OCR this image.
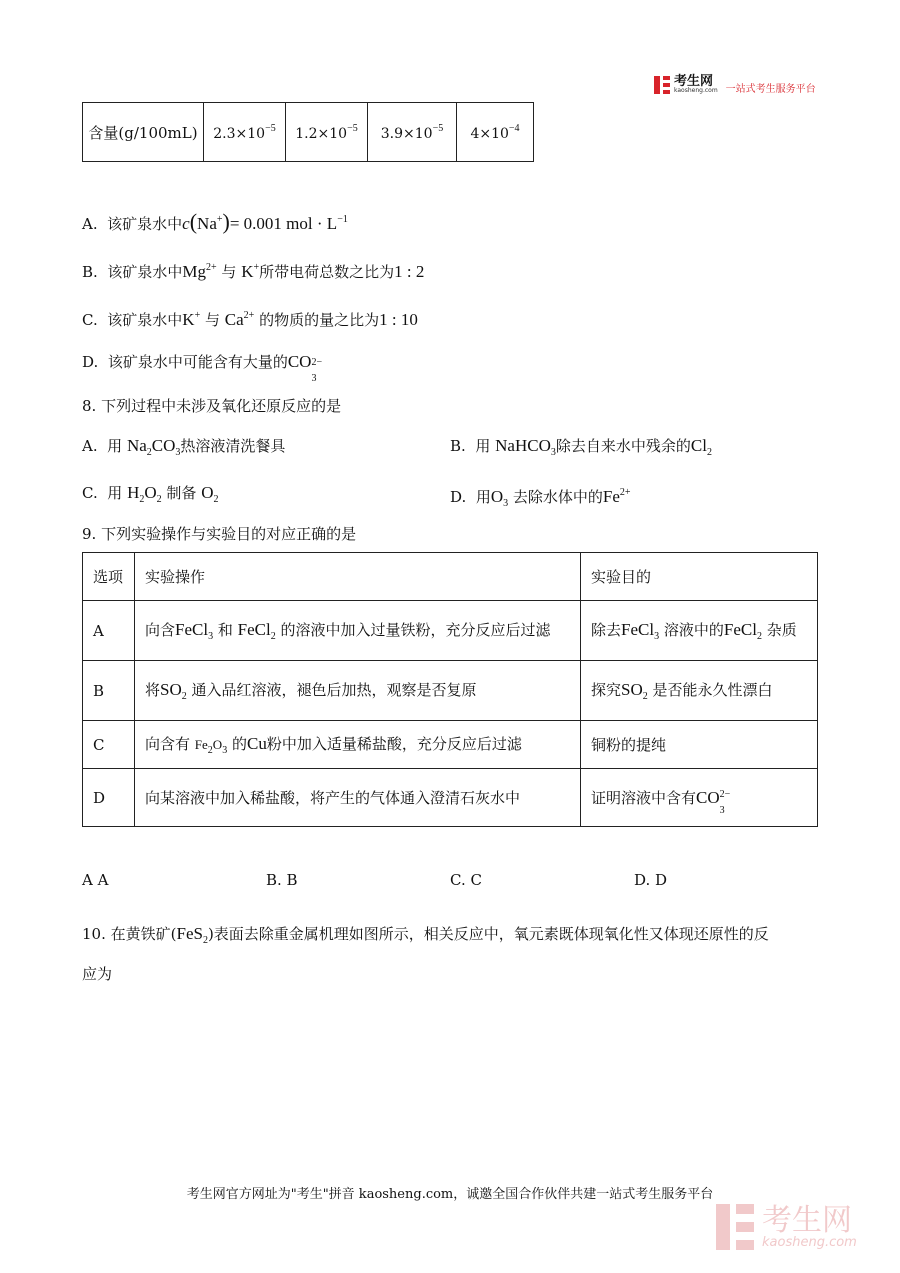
考生网
kaosheng.com 一站式考生服务平台
含量(g/100mL)	$2.3\times 10^{-5}$	$1.2\times 10^{-5}$	$3.9\times 10^{-5}$	$4\times 10^{-4}$
A. 该矿泉水中c(Na+)= 0.001 mol · $L^{-1}$
B. 该矿泉水中$Mg^{2+}$ 与 K+所带电荷总数之比为1 : 2
C. 该矿泉水中K+ 与 $Ca^{2+}$ 的物质的量之比为1 : 10
D. 该矿泉水中可能含有大量的CO 2−
3
8. 下列过程中未涉及氧化还原反应的是
A. 用 $Na_2CO_3$热溶液清洗餐具	B. 用 NaHCO$_3$除去自来水中残余的$Cl_2$
C. 用 $H_2O_2$ 制备 $O_2$	D. 用$O_3$ 去除水体中的$Fe^{2+}$
9. 下列实验操作与实验目的对应正确的是
选项	实验操作	实验目的
A	向含FeCl$_3$ 和 FeCl$_2$ 的溶液中加入过量铁粉，充分反应后过滤	除去FeCl$_3$ 溶液中的FeCl$_2$ 杂质
B	将$SO_2$ 通入品红溶液，褪色后加热，观察是否复原	探究$SO_2$ 是否能永久性漂白
C	向含有 $Fe_2O_3$ 的Cu粉中加入适量稀盐酸，充分反应后过滤	铜粉的提纯
D	向某溶液中加入稀盐酸，将产生的气体通入澄清石灰水中	证明溶液中含有CO 2−
3
A A	B. B	C. C	D. D
10. 在黄铁矿(FeS$_2$)表面去除重金属机理如图所示，相关反应中，氧元素既体现氧化性又体现还原性的反
应为
考生网官方网址为"考生"拼音 kaosheng.com，诚邀全国合作伙伴共建一站式考生服务平台
考生网
kaosheng.com
